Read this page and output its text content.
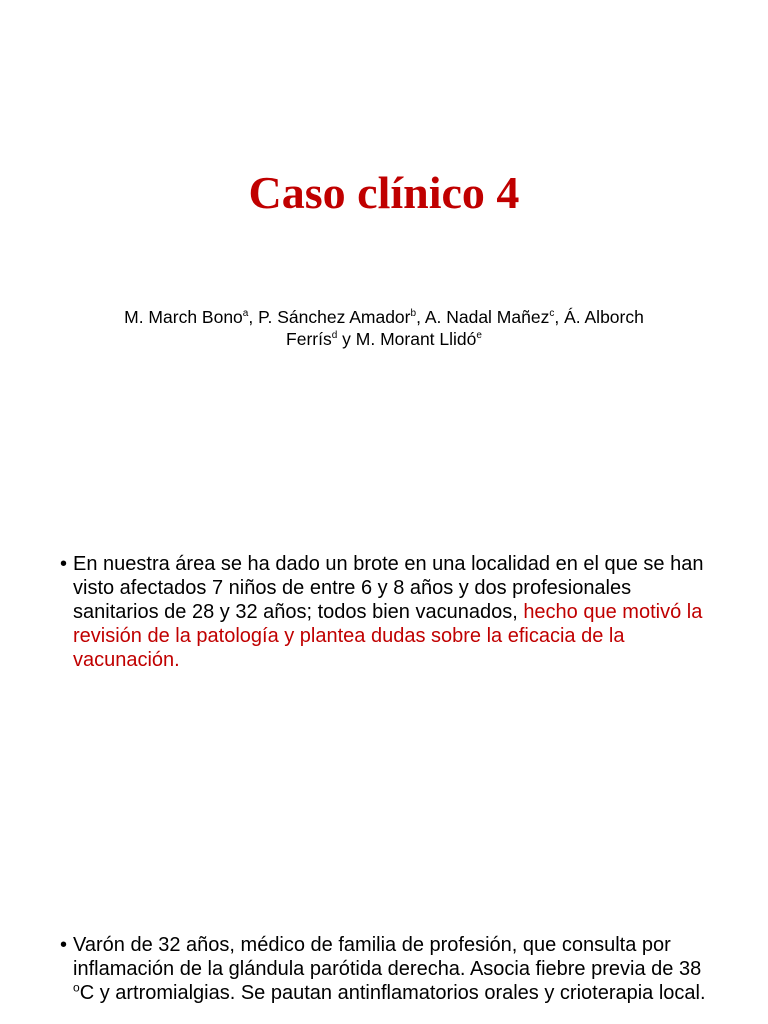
Caso clínico 4
M. March Bono$^a$, P. Sánchez Amador$^b$, A. Nadal Mañez$^c$, Á. Alborch Ferrís$^d$ y M. Morant Llidó$^e$
• En nuestra área se ha dado un brote en una localidad en el que se han visto afectados 7 niños de entre 6 y 8 años y dos profesionales sanitarios de 28 y 32 años; todos bien vacunados, hecho que motivó la revisión de la patología y plantea dudas sobre la eficacia de la vacunación.
• Varón de 32 años, médico de familia de profesión, que consulta por inflamación de la glándula parótida derecha. Asocia fiebre previa de 38 $^o$C y artromialgias. Se pautan antinflamatorios orales y crioterapia local.
